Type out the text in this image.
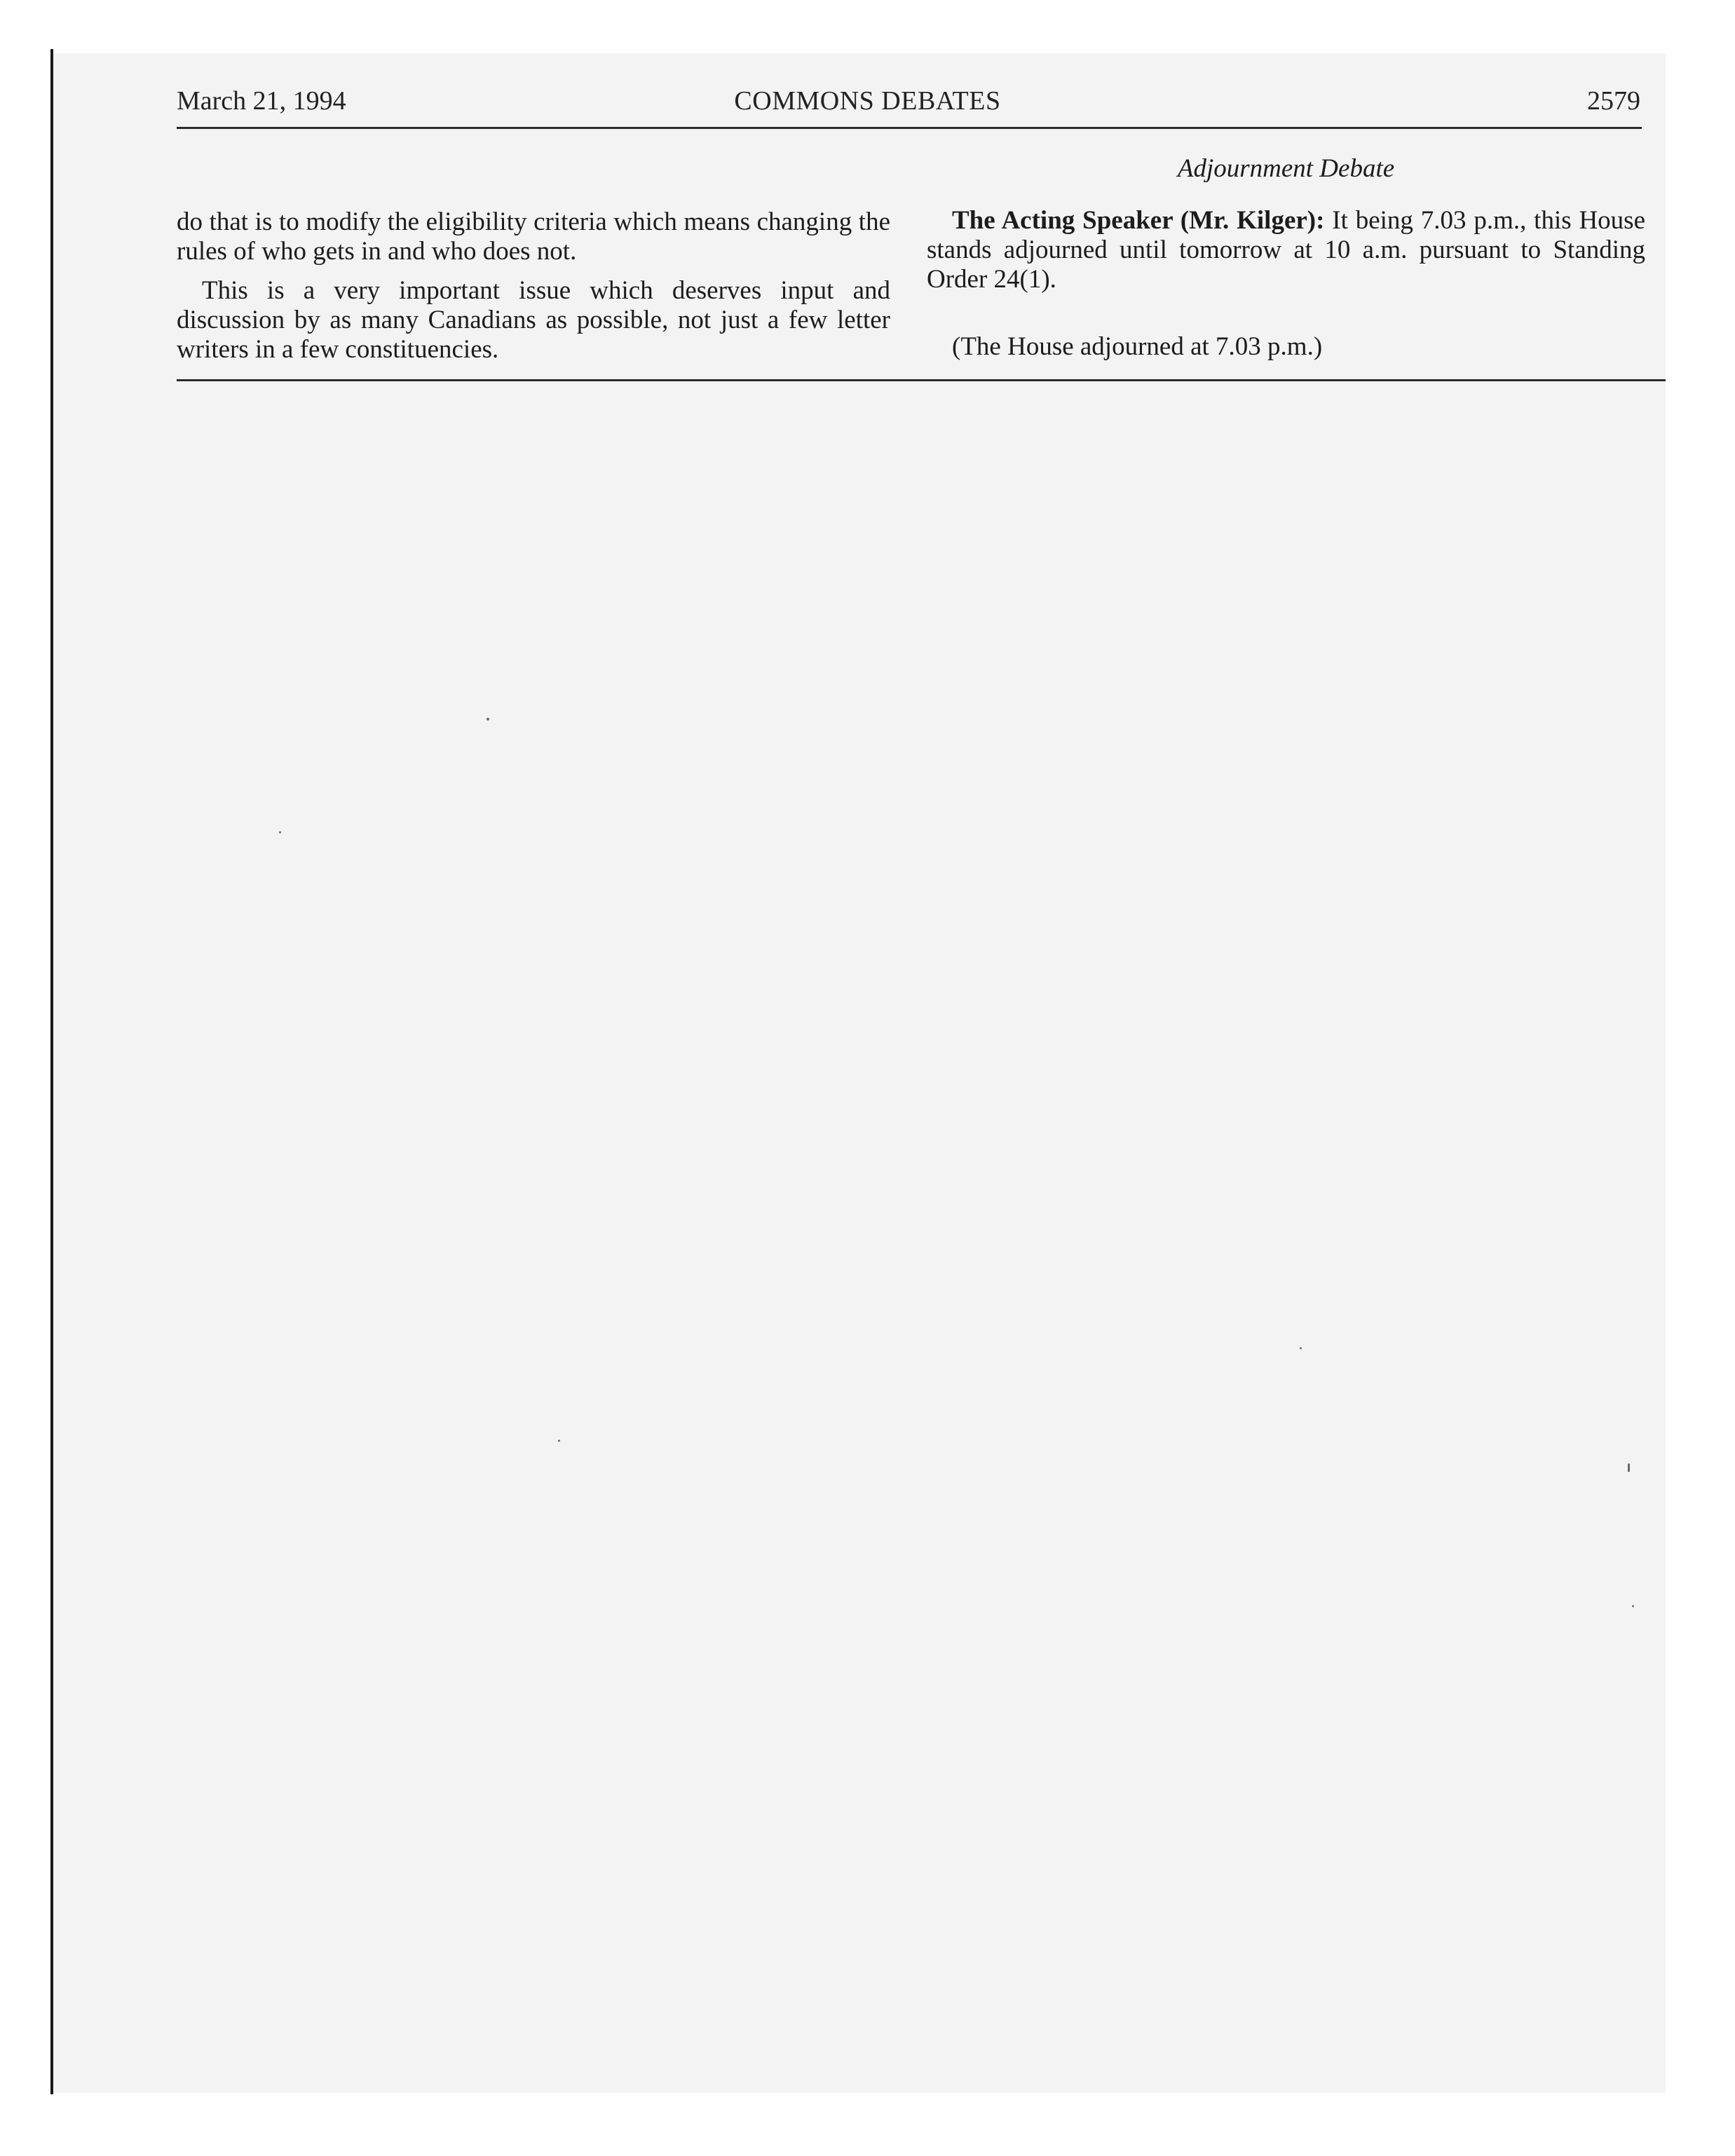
March 21, 1994	COMMONS DEBATES	2579

do that is to modify the eligibility criteria which means changing the rules of who gets in and who does not.

This is a very important issue which deserves input and discussion by as many Canadians as possible, not just a few letter writers in a few constituencies.

Adjournment Debate

The Acting Speaker (Mr. Kilger): It being 7.03 p.m., this House stands adjourned until tomorrow at 10 a.m. pursuant to Standing Order 24(1).

(The House adjourned at 7.03 p.m.)
